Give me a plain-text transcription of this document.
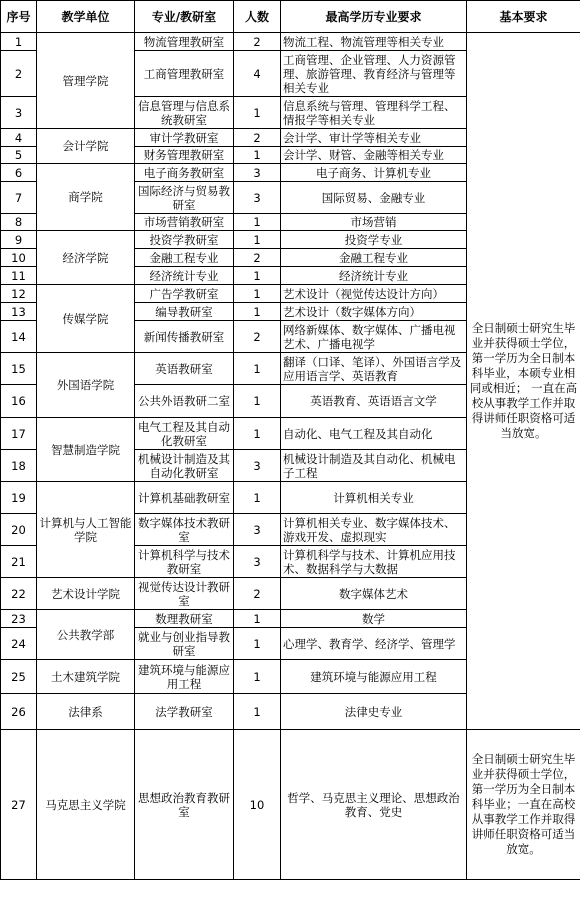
序号	教学单位	专业/教研室	人数	最高学历专业要求	基本要求
1	管理学院	物流管理教研室	2	物流工程、物流管理等相关专业	全日制硕士研究生毕业并获得硕士学位，第一学历为全日制本科毕业，本硕专业相同或相近； 一直在高校从事教学工作并取得讲师任职资格可适当放宽。
2		工商管理教研室	4	工商管理、企业管理、人力资源管理、旅游管理、教育经济与管理等相关专业	
3		信息管理与信息系统教研室	1	信息系统与管理、管理科学工程、情报学等相关专业	
4	会计学院	审计学教研室	2	会计学、审计学等相关专业	
5		财务管理教研室	1	会计学、财管、金融等相关专业	
6	商学院	电子商务教研室	3	电子商务、计算机专业	
7		国际经济与贸易教研室	3	国际贸易、金融专业	
8		市场营销教研室	1	市场营销	
9	经济学院	投资学教研室	1	投资学专业	
10		金融工程专业	2	金融工程专业	
11		经济统计专业	1	经济统计专业	
12	传媒学院	广告学教研室	1	艺术设计（视觉传达设计方向）	
13		编导教研室	1	艺术设计（数字媒体方向）	
14		新闻传播教研室	2	网络新媒体、数字媒体、广播电视艺术、广播电视学	
15	外国语学院	英语教研室	1	翻译（口译、笔译）、外国语言学及应用语言学、英语教育	
16		公共外语教研二室	1	英语教育、英语语言文学	
17	智慧制造学院	电气工程及其自动化教研室	1	自动化、电气工程及其自动化	
18		机械设计制造及其自动化教研室	3	机械设计制造及其自动化、机械电子工程	
19	计算机与人工智能学院	计算机基础教研室	1	计算机相关专业	
20		数字媒体技术教研室	3	计算机相关专业、数字媒体技术、游戏开发、虚拟现实	
21		计算机科学与技术教研室	3	计算机科学与技术、计算机应用技术、数据科学与大数据	
22	艺术设计学院	视觉传达设计教研室	2	数字媒体艺术	
23	公共教学部	数理教研室	1	数学	
24		就业与创业指导教研室	1	心理学、教育学、经济学、管理学	
25	土木建筑学院	建筑环境与能源应用工程	1	建筑环境与能源应用工程	
26	法律系	法学教研室	1	法律史专业	
27	马克思主义学院	思想政治教育教研室	10	哲学、马克思主义理论、思想政治教育、党史	全日制硕士研究生毕业并获得硕士学位，第一学历为全日制本科毕业；一直在高校从事教学工作并取得讲师任职资格可适当放宽。
